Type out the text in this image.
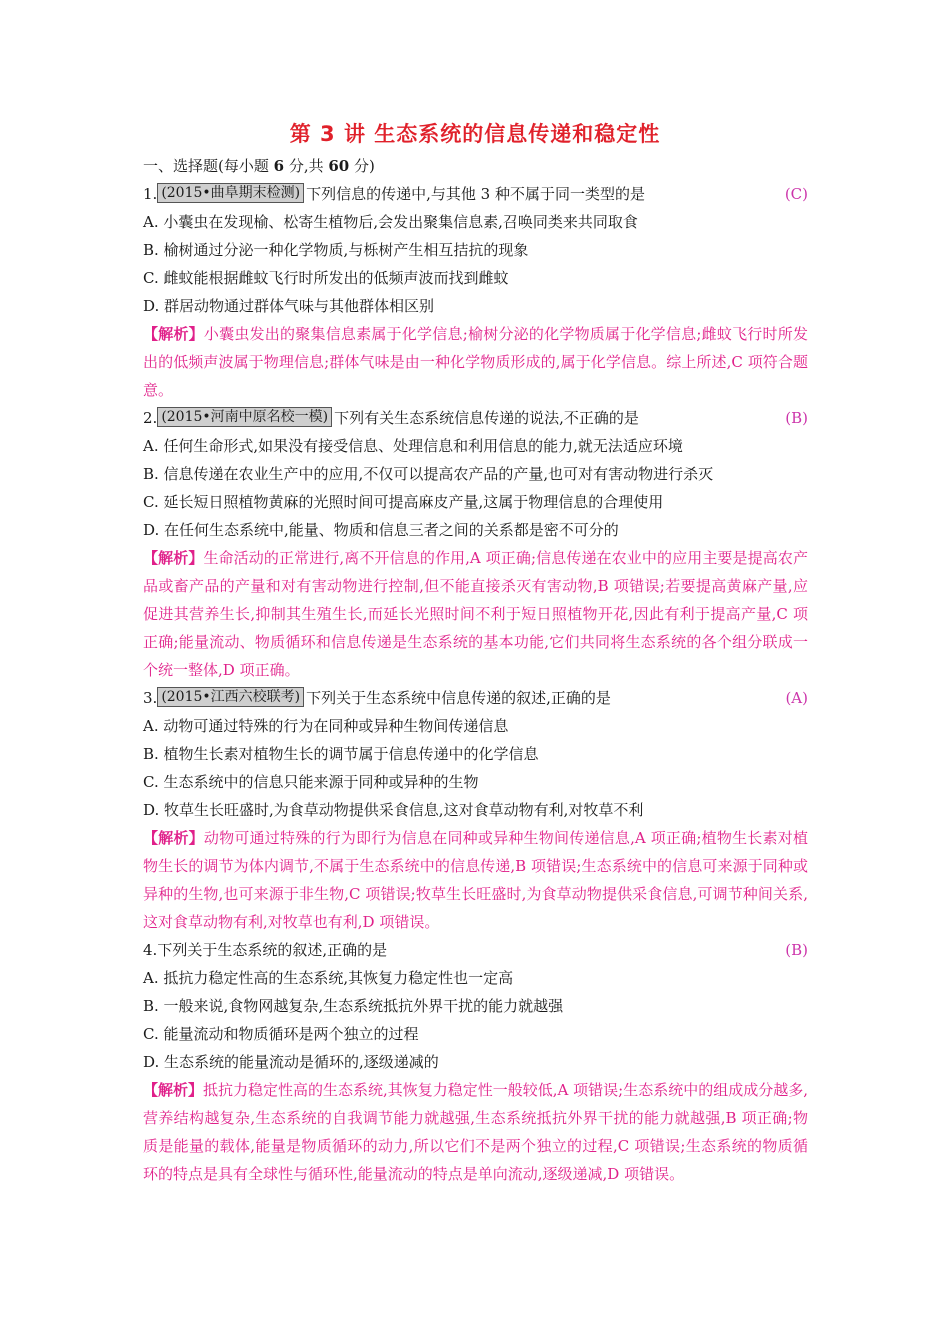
第 3 讲 生态系统的信息传递和稳定性
一、选择题(每小题 6 分,共 60 分)
1. (2015•曲阜期末检测) 下列信息的传递中,与其他 3 种不属于同一类型的是	(C)
A. 小囊虫在发现榆、松寄生植物后,会发出聚集信息素,召唤同类来共同取食
B. 榆树通过分泌一种化学物质,与栎树产生相互拮抗的现象
C. 雌蚊能根据雌蚊飞行时所发出的低频声波而找到雌蚊
D. 群居动物通过群体气味与其他群体相区别
【解析】小囊虫发出的聚集信息素属于化学信息;榆树分泌的化学物质属于化学信息;雌蚊飞行时所发出的低频声波属于物理信息;群体气味是由一种化学物质形成的,属于化学信息。综上所述,C 项符合题意。
2. (2015•河南中原名校一模) 下列有关生态系统信息传递的说法,不正确的是	(B)
A. 任何生命形式,如果没有接受信息、处理信息和利用信息的能力,就无法适应环境
B. 信息传递在农业生产中的应用,不仅可以提高农产品的产量,也可对有害动物进行杀灭
C. 延长短日照植物黄麻的光照时间可提高麻皮产量,这属于物理信息的合理使用
D. 在任何生态系统中,能量、物质和信息三者之间的关系都是密不可分的
【解析】生命活动的正常进行,离不开信息的作用,A 项正确;信息传递在农业中的应用主要是提高农产品或畜产品的产量和对有害动物进行控制,但不能直接杀灭有害动物,B 项错误;若要提高黄麻产量,应促进其营养生长,抑制其生殖生长,而延长光照时间不利于短日照植物开花,因此有利于提高产量,C 项正确;能量流动、物质循环和信息传递是生态系统的基本功能,它们共同将生态系统的各个组分联成一个统一整体,D 项正确。
3. (2015•江西六校联考) 下列关于生态系统中信息传递的叙述,正确的是	(A)
A. 动物可通过特殊的行为在同种或异种生物间传递信息
B. 植物生长素对植物生长的调节属于信息传递中的化学信息
C. 生态系统中的信息只能来源于同种或异种的生物
D. 牧草生长旺盛时,为食草动物提供采食信息,这对食草动物有利,对牧草不利
【解析】动物可通过特殊的行为即行为信息在同种或异种生物间传递信息,A 项正确;植物生长素对植物生长的调节为体内调节,不属于生态系统中的信息传递,B 项错误;生态系统中的信息可来源于同种或异种的生物,也可来源于非生物,C 项错误;牧草生长旺盛时,为食草动物提供采食信息,可调节种间关系,这对食草动物有利,对牧草也有利,D 项错误。
4.下列关于生态系统的叙述,正确的是	(B)
A. 抵抗力稳定性高的生态系统,其恢复力稳定性也一定高
B. 一般来说,食物网越复杂,生态系统抵抗外界干扰的能力就越强
C. 能量流动和物质循环是两个独立的过程
D. 生态系统的能量流动是循环的,逐级递减的
【解析】抵抗力稳定性高的生态系统,其恢复力稳定性一般较低,A 项错误;生态系统中的组成成分越多,营养结构越复杂,生态系统的自我调节能力就越强,生态系统抵抗外界干扰的能力就越强,B 项正确;物质是能量的载体,能量是物质循环的动力,所以它们不是两个独立的过程,C 项错误;生态系统的物质循环的特点是具有全球性与循环性,能量流动的特点是单向流动,逐级递减,D 项错误。
